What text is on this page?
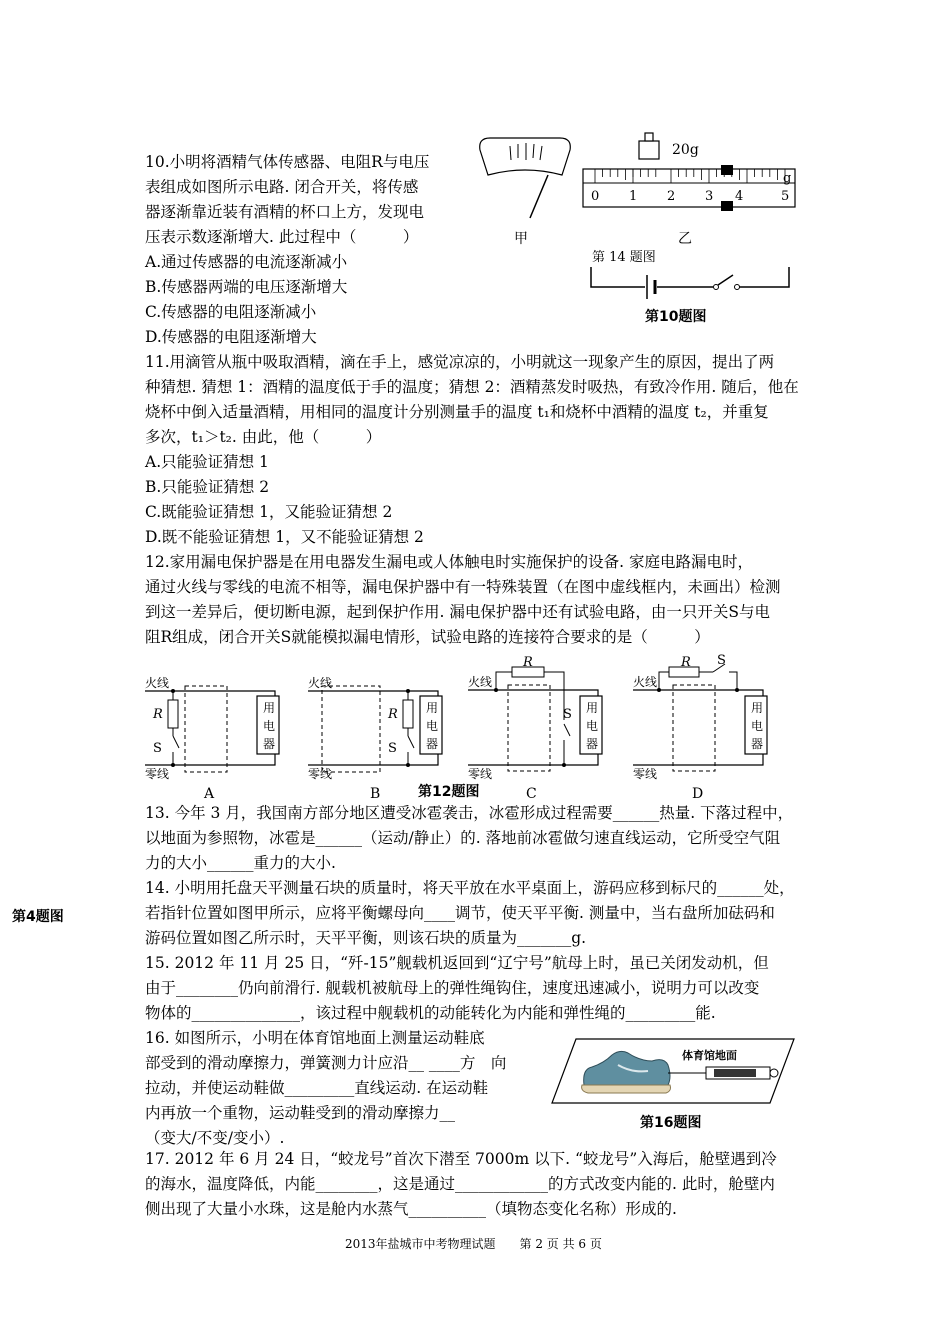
10.小明将酒精气体传感器、电阻R与电压
表组成如图所示电路. 闭合开关，将传感
器逐渐靠近装有酒精的杯口上方，发现电
压表示数逐渐增大. 此过程中（　　　）
A.通过传感器的电流逐渐减小
B.传感器两端的电压逐渐增大
C.传感器的电阻逐渐减小
D.传感器的电阻逐渐增大
甲
0 1 2 3 4	5
g
20g
乙
第 14 题图
第10题图
11.用滴管从瓶中吸取酒精，滴在手上，感觉凉凉的，小明就这一现象产生的原因，提出了两
种猜想. 猜想 1：酒精的温度低于手的温度；猜想 2：酒精蒸发时吸热，有致冷作用. 随后，他在
烧杯中倒入适量酒精，用相同的温度计分别测量手的温度 t₁和烧杯中酒精的温度 t₂，并重复
多次，t₁＞t₂. 由此，他（　　　）
A.只能验证猜想 1
B.只能验证猜想 2
C.既能验证猜想 1，又能验证猜想 2
D.既不能验证猜想 1，又不能验证猜想 2
12.家用漏电保护器是在用电器发生漏电或人体触电时实施保护的设备. 家庭电路漏电时，
通过火线与零线的电流不相等，漏电保护器中有一特殊装置（在图中虚线框内，未画出）检测
到这一差异后，便切断电源，起到保护作用. 漏电保护器中还有试验电路，由一只开关S与电
阻R组成，闭合开关S就能模拟漏电情形，试验电路的连接符合要求的是（　　　）
火线
零线
用
电
器
R
S
A
火线
零线
用
电
器
R
S
B
火线
零线
用
电
器
R
S
C
火线
零线
用
电
器
R S
D
第12题图
13. 今年 3 月，我国南方部分地区遭受冰雹袭击，冰雹形成过程需要______热量. 下落过程中，
以地面为参照物，冰雹是______（运动/静止）的. 落地前冰雹做匀速直线运动，它所受空气阻
力的大小______重力的大小.
第4题图
14. 小明用托盘天平测量石块的质量时，将天平放在水平桌面上，游码应移到标尺的______处，
若指针位置如图甲所示，应将平衡螺母向____调节，使天平平衡. 测量中，当右盘所加砝码和
游码位置如图乙所示时，天平平衡，则该石块的质量为_______g.
15. 2012 年 11 月 25 日，“歼-15”舰载机返回到“辽宁号”航母上时，虽已关闭发动机，但
由于________仍向前滑行. 舰载机被航母上的弹性绳钩住，速度迅速减小，说明力可以改变
物体的______________，该过程中舰载机的动能转化为内能和弹性绳的_________能.
16. 如图所示，小明在体育馆地面上测量运动鞋底
部受到的滑动摩擦力，弹簧测力计应沿__ ____方　向
拉动，并使运动鞋做_________直线运动. 在运动鞋
内再放一个重物，运动鞋受到的滑动摩擦力__
（变大/不变/变小）.
体育馆地面
第16题图
17. 2012 年 6 月 24 日，“蛟龙号”首次下潜至 7000m 以下. “蛟龙号”入海后，舱壁遇到冷
的海水，温度降低，内能________，这是通过____________的方式改变内能的. 此时，舱壁内
侧出现了大量小水珠，这是舱内水蒸气__________（填物态变化名称）形成的.
2013年盐城市中考物理试题　　第 2 页 共 6 页
